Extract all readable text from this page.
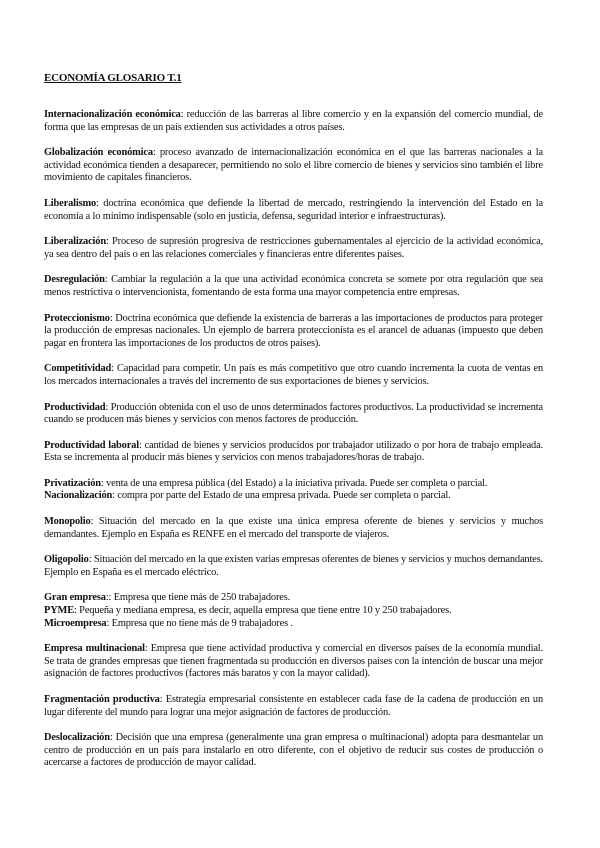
ECONOMÍA GLOSARIO T.1

Internacionalización económica: reducción de las barreras al libre comercio y en la expansión del comercio mundial, de forma que las empresas de un país extienden sus actividades a otros países.

Globalización económica: proceso avanzado de internacionalización económica en el que las barreras nacionales a la actividad económica tienden a desaparecer, permitiendo no solo el libre comercio de bienes y servicios sino también el libre movimiento de capitales financieros.

Liberalismo: doctrina económica que defiende la libertad de mercado, restringiendo la intervención del Estado en la economía a lo mínimo indispensable (solo en justicia, defensa, seguridad interior e infraestructuras).

Liberalización: Proceso de supresión progresiva de restricciones gubernamentales al ejercicio de la actividad económica, ya sea dentro del país o en las relaciones comerciales y financieras entre diferentes países.

Desregulación: Cambiar la regulación a la que una actividad económica concreta se somete por otra regulación que sea menos restrictiva o intervencionista, fomentando de esta forma una mayor competencia entre empresas.

Proteccionismo: Doctrina económica que defiende la existencia de barreras a las importaciones de productos para proteger la producción de empresas nacionales. Un ejemplo de barrera proteccionista es el arancel de aduanas (impuesto que deben pagar en frontera las importaciones de los productos de otros países).

Competitividad: Capacidad para competir. Un país es más competitivo que otro cuando incrementa la cuota de ventas en los mercados internacionales a través del incremento de sus exportaciones de bienes y servicios.

Productividad: Producción obtenida con el uso de unos determinados factores productivos. La productividad se incrementa cuando se producen más bienes y servicios con menos factores de producción.

Productividad laboral: cantidad de bienes y servicios producidos por trabajador utilizado o por hora de trabajo empleada. Esta se incrementa al producir más bienes y servicios con menos trabajadores/horas de trabajo.

Privatización: venta de una empresa pública (del Estado) a la iniciativa privada. Puede ser completa o parcial.

Nacionalización: compra por parte del Estado de una empresa privada. Puede ser completa o parcial.

Monopolio: Situación del mercado en la que existe una única empresa oferente de bienes y servicios y muchos demandantes. Ejemplo en España es RENFE en el mercado del transporte de viajeros.

Oligopolio: Situación del mercado en la que existen varias empresas oferentes de bienes y servicios y muchos demandantes. Ejemplo en España es el mercado eléctrico.

Gran empresa:: Empresa que tiene más de 250 trabajadores.

PYME: Pequeña y mediana empresa, es decir, aquella empresa que tiene entre 10 y 250 trabajadores.

Microempresa: Empresa que no tiene más de 9 trabajadores .

Empresa multinacional: Empresa que tiene actividad productiva y comercial en diversos países de la economía mundial. Se trata de grandes empresas que tienen fragmentada su producción en diversos países con la intención de buscar una mejor asignación de factores productivos (factores más baratos y con la mayor calidad).

Fragmentación productiva: Estrategia empresarial consistente en establecer cada fase de la cadena de producción en un lugar diferente del mundo para lograr una mejor asignación de factores de producción.

Deslocalización: Decisión que una empresa (generalmente una gran empresa o multinacional) adopta para desmantelar un centro de producción en un país para instalarlo en otro diferente, con el objetivo de reducir sus costes de producción o acercarse a factores de producción de mayor calidad.
